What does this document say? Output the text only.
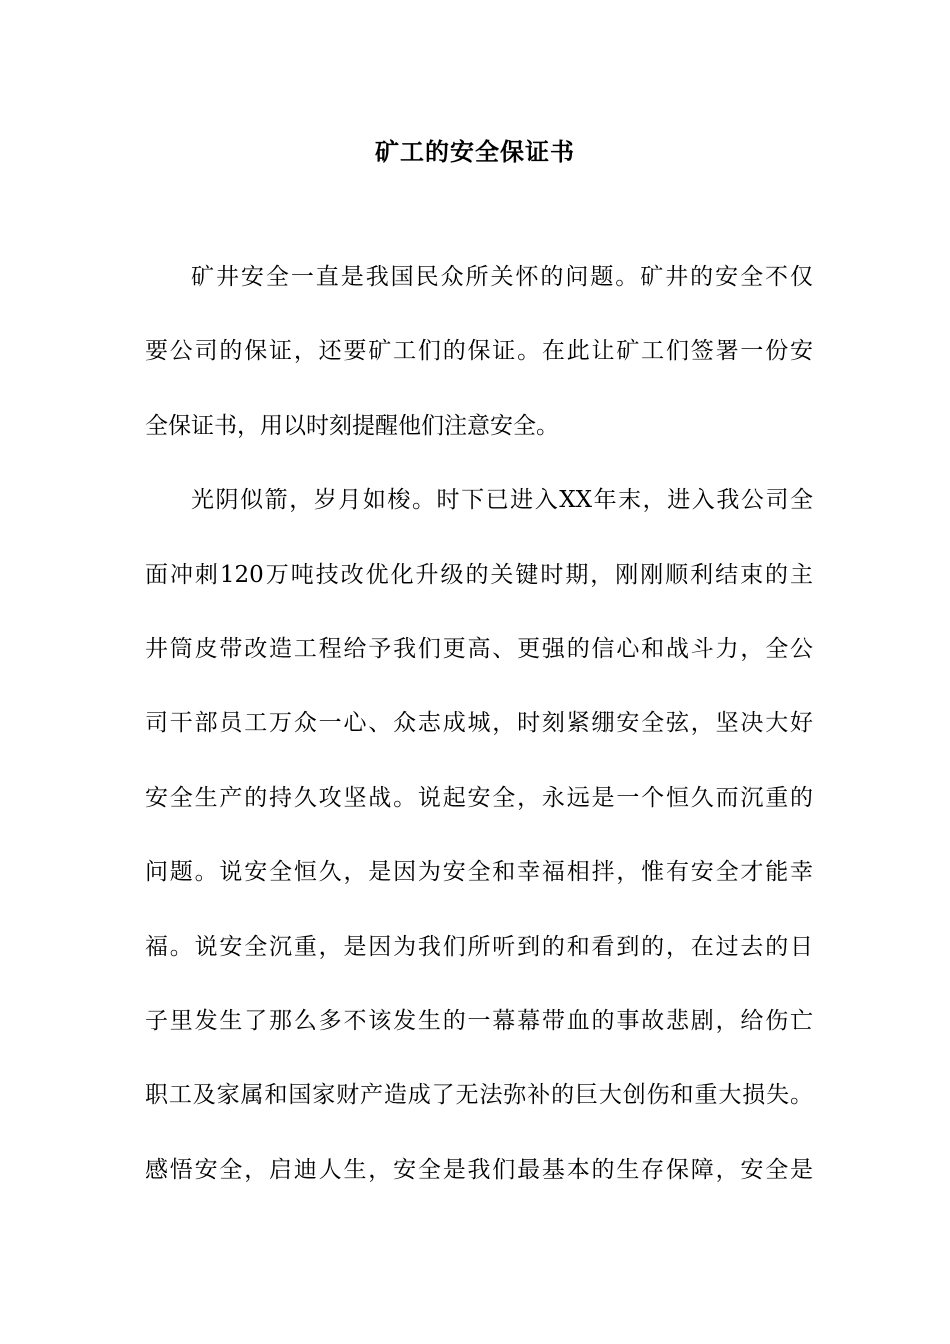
矿工的安全保证书
矿井安全一直是我国民众所关怀的问题。矿井的安全不仅
要公司的保证，还要矿工们的保证。在此让矿工们签署一份安
全保证书，用以时刻提醒他们注意安全。
光阴似箭，岁月如梭。时下已进入XX年末，进入我公司全
面冲刺120万吨技改优化升级的关键时期，刚刚顺利结束的主
井筒皮带改造工程给予我们更高、更强的信心和战斗力，全公
司干部员工万众一心、众志成城，时刻紧绷安全弦，坚决大好
安全生产的持久攻坚战。说起安全，永远是一个恒久而沉重的
问题。说安全恒久，是因为安全和幸福相拌，惟有安全才能幸
福。说安全沉重，是因为我们所听到的和看到的，在过去的日
子里发生了那么多不该发生的一幕幕带血的事故悲剧，给伤亡
职工及家属和国家财产造成了无法弥补的巨大创伤和重大损失。
感悟安全，启迪人生，安全是我们最基本的生存保障，安全是
